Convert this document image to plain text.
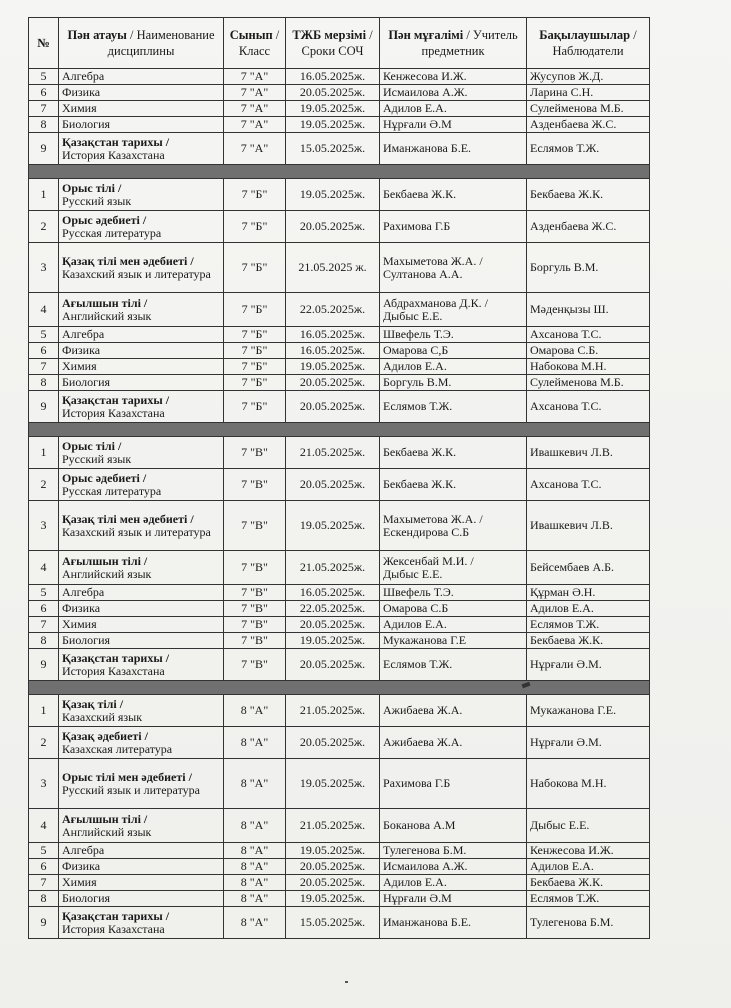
№	Пән атауы / Наименование дисциплины	Сынып / Класс	ТЖБ мерзімі / Сроки СОЧ	Пән мұғалімі / Учитель предметник	Бақылаушылар / Наблюдатели
5	Алгебра	7 "А"	16.05.2025ж.	Кенжесова И.Ж.	Жусупов Ж.Д.
6	Физика	7 "А"	20.05.2025ж.	Исмаилова А.Ж.	Ларина С.Н.
7	Химия	7 "А"	19.05.2025ж.	Адилов Е.А.	Сулейменова М.Б.
8	Биология	7 "А"	19.05.2025ж.	Нұрғали Ә.М	Азденбаева Ж.С.
9	Қазақстан тарихы /
История Казахстана	7 "А"	15.05.2025ж.	Иманжанова Б.Е.	Еслямов Т.Ж.

1	Орыс тілі /
Русский язык	7 "Б"	19.05.2025ж.	Бекбаева Ж.К.	Бекбаева Ж.К.
2	Орыс әдебиеті /
Русская литература	7 "Б"	20.05.2025ж.	Рахимова Г.Б	Азденбаева Ж.С.
3	Қазақ тілі мен әдебиеті /
Казахский язык и литература	7 "Б"	21.05.2025 ж.	Махыметова Ж.А. /
Султанова А.А.	Боргуль В.М.
4	Ағылшын тілі /
Английский язык	7 "Б"	22.05.2025ж.	Абдрахманова Д.К. /
Дыбыс Е.Е.	Мәденқызы Ш.
5	Алгебра	7 "Б"	16.05.2025ж.	Швефель Т.Э.	Ахсанова Т.С.
6	Физика	7 "Б"	16.05.2025ж.	Омарова С,Б	Омарова С.Б.
7	Химия	7 "Б"	19.05.2025ж.	Адилов Е.А.	Набокова М.Н.
8	Биология	7 "Б"	20.05.2025ж.	Боргуль В.М.	Сулейменова М.Б.
9	Қазақстан тарихы /
История Казахстана	7 "Б"	20.05.2025ж.	Еслямов Т.Ж.	Ахсанова Т.С.

1	Орыс тілі /
Русский язык	7 "В"	21.05.2025ж.	Бекбаева Ж.К.	Ивашкевич Л.В.
2	Орыс әдебиеті /
Русская литература	7 "В"	20.05.2025ж.	Бекбаева Ж.К.	Ахсанова Т.С.
3	Қазақ тілі мен әдебиеті /
Казахский язык и литература	7 "В"	19.05.2025ж.	Махыметова Ж.А. /
Ескендирова С.Б	Ивашкевич Л.В.
4	Ағылшын тілі /
Английский язык	7 "В"	21.05.2025ж.	Жексенбай М.И. /
Дыбыс Е.Е.	Бейсембаев А.Б.
5	Алгебра	7 "В"	16.05.2025ж.	Швефель Т.Э.	Құрман Ә.Н.
6	Физика	7 "В"	22.05.2025ж.	Омарова С.Б	Адилов Е.А.
7	Химия	7 "В"	20.05.2025ж.	Адилов Е.А.	Еслямов Т.Ж.
8	Биология	7 "В"	19.05.2025ж.	Мукажанова Г.Е	Бекбаева Ж.К.
9	Қазақстан тарихы /
История Казахстана	7 "В"	20.05.2025ж.	Еслямов Т.Ж.	Нұрғали Ә.М.

1	Қазақ тілі /
Казахский язык	8 "А"	21.05.2025ж.	Ажибаева Ж.А.	Мукажанова Г.Е.
2	Қазақ әдебиеті /
Казахская литература	8 "А"	20.05.2025ж.	Ажибаева Ж.А.	Нұрғали Ә.М.
3	Орыс тілі мен әдебиеті /
Русский язык и литература	8 "А"	19.05.2025ж.	Рахимова Г.Б	Набокова М.Н.
4	Ағылшын тілі /
Английский язык	8 "А"	21.05.2025ж.	Боканова А.М	Дыбыс Е.Е.
5	Алгебра	8 "А"	19.05.2025ж.	Тулегенова Б.М.	Кенжесова И.Ж.
6	Физика	8 "А"	20.05.2025ж.	Исмаилова А.Ж.	Адилов Е.А.
7	Химия	8 "А"	20.05.2025ж.	Адилов Е.А.	Бекбаева Ж.К.
8	Биология	8 "А"	19.05.2025ж.	Нұрғали Ә.М	Еслямов Т.Ж.
9	Қазақстан тарихы /
История Казахстана	8 "А"	15.05.2025ж.	Иманжанова Б.Е.	Тулегенова Б.М.
